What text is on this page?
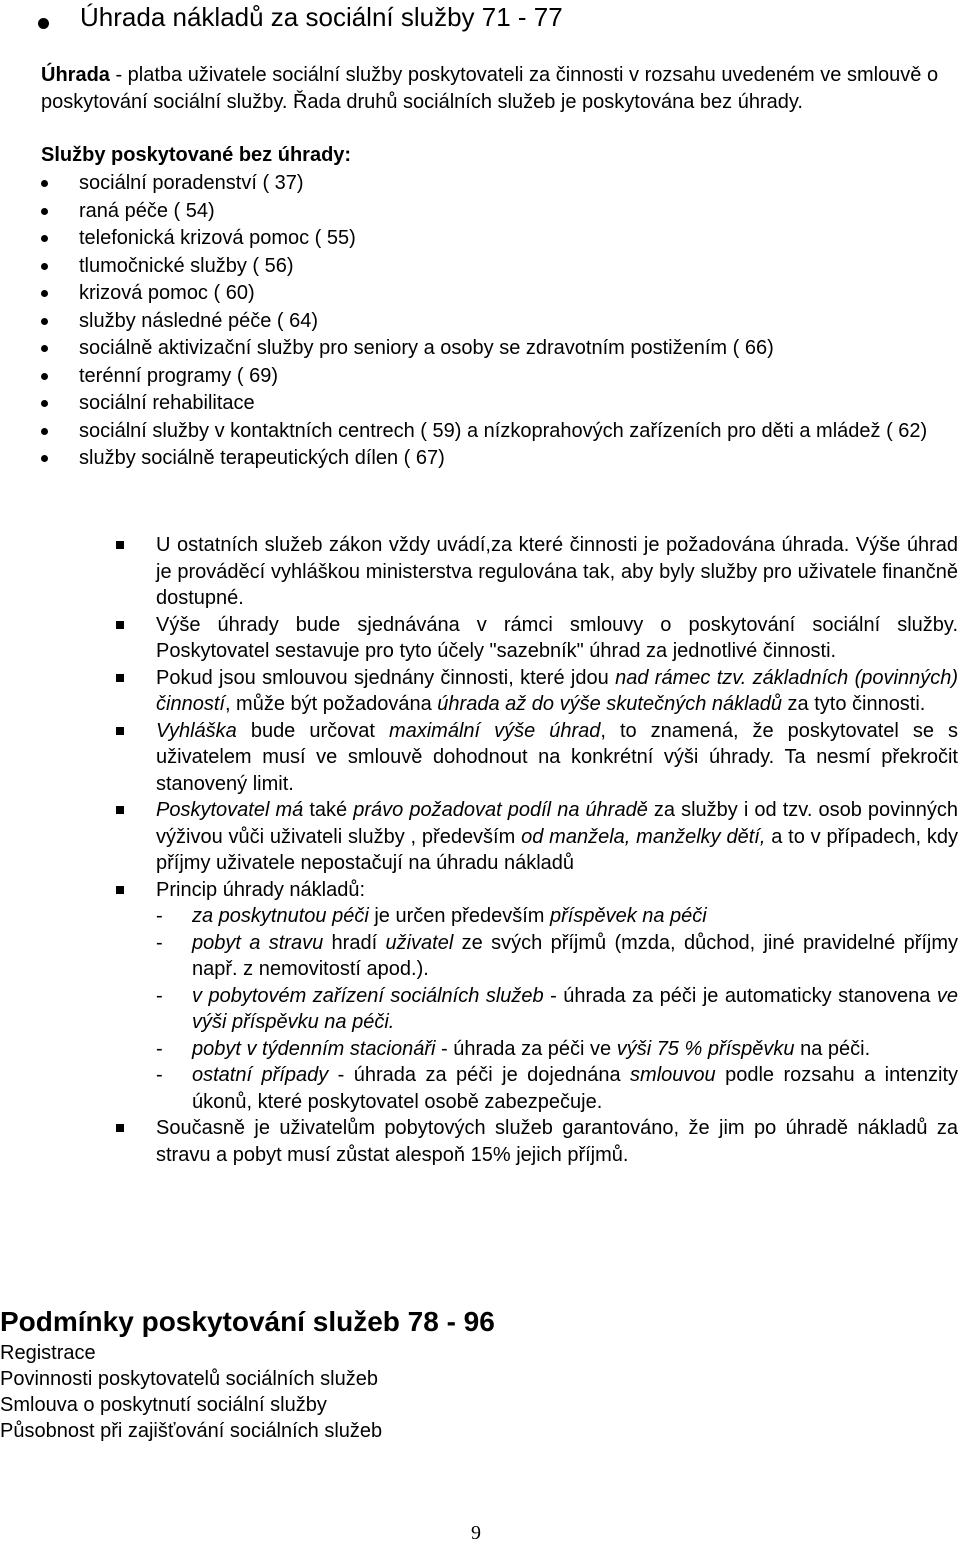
Úhrada nákladů za sociální služby 71 - 77
Úhrada - platba uživatele sociální služby poskytovateli za činnosti v rozsahu uvedeném ve smlouvě o poskytování sociální služby. Řada druhů sociálních služeb je poskytována bez úhrady.
Služby poskytované bez úhrady:
sociální poradenství ( 37)
raná péče ( 54)
telefonická krizová pomoc ( 55)
tlumočnické služby ( 56)
krizová pomoc ( 60)
služby následné péče ( 64)
sociálně aktivizační služby pro seniory a osoby se zdravotním postižením ( 66)
terénní programy ( 69)
sociální rehabilitace
sociální služby v kontaktních centrech ( 59) a nízkoprahových zařízeních pro děti a mládež ( 62)
služby sociálně terapeutických dílen ( 67)
U ostatních služeb zákon vždy uvádí,za které činnosti je požadována úhrada. Výše úhrad je prováděcí vyhláškou ministerstva regulována tak, aby byly služby pro uživatele finančně dostupné.
Výše úhrady bude sjednávána v rámci smlouvy o poskytování sociální služby. Poskytovatel sestavuje pro tyto účely "sazebník" úhrad za jednotlivé činnosti.
Pokud jsou smlouvou sjednány činnosti, které jdou nad rámec tzv. základních (povinných) činností, může být požadována úhrada až do výše skutečných nákladů za tyto činnosti.
Vyhláška bude určovat maximální výše úhrad, to znamená, že poskytovatel se s uživatelem musí ve smlouvě dohodnout na konkrétní výši úhrady. Ta nesmí překročit stanovený limit.
Poskytovatel má také právo požadovat podíl na úhradě za služby i od tzv. osob povinných výživou vůči uživateli služby , především od manžela, manželky dětí, a to v případech, kdy příjmy uživatele nepostačují na úhradu nákladů
Princip úhrady nákladů:
- za poskytnutou péči je určen především příspěvek na péči
- pobyt a stravu hradí uživatel ze svých příjmů (mzda, důchod, jiné pravidelné příjmy např. z nemovitostí apod.).
- v pobytovém zařízení sociálních služeb - úhrada za péči je automaticky stanovena ve výši příspěvku na péči.
- pobyt v týdenním stacionáři - úhrada za péči ve výši 75 % příspěvku na péči.
- ostatní případy - úhrada za péči je dojednána smlouvou podle rozsahu a intenzity úkonů, které poskytovatel osobě zabezpečuje.
Současně je uživatelům pobytových služeb garantováno, že jim po úhradě nákladů za stravu a pobyt musí zůstat alespoň 15% jejich příjmů.
Podmínky poskytování služeb 78 - 96
Registrace
Povinnosti poskytovatelů sociálních služeb
Smlouva o poskytnutí sociální služby
Působnost při zajišťování sociálních služeb
9
